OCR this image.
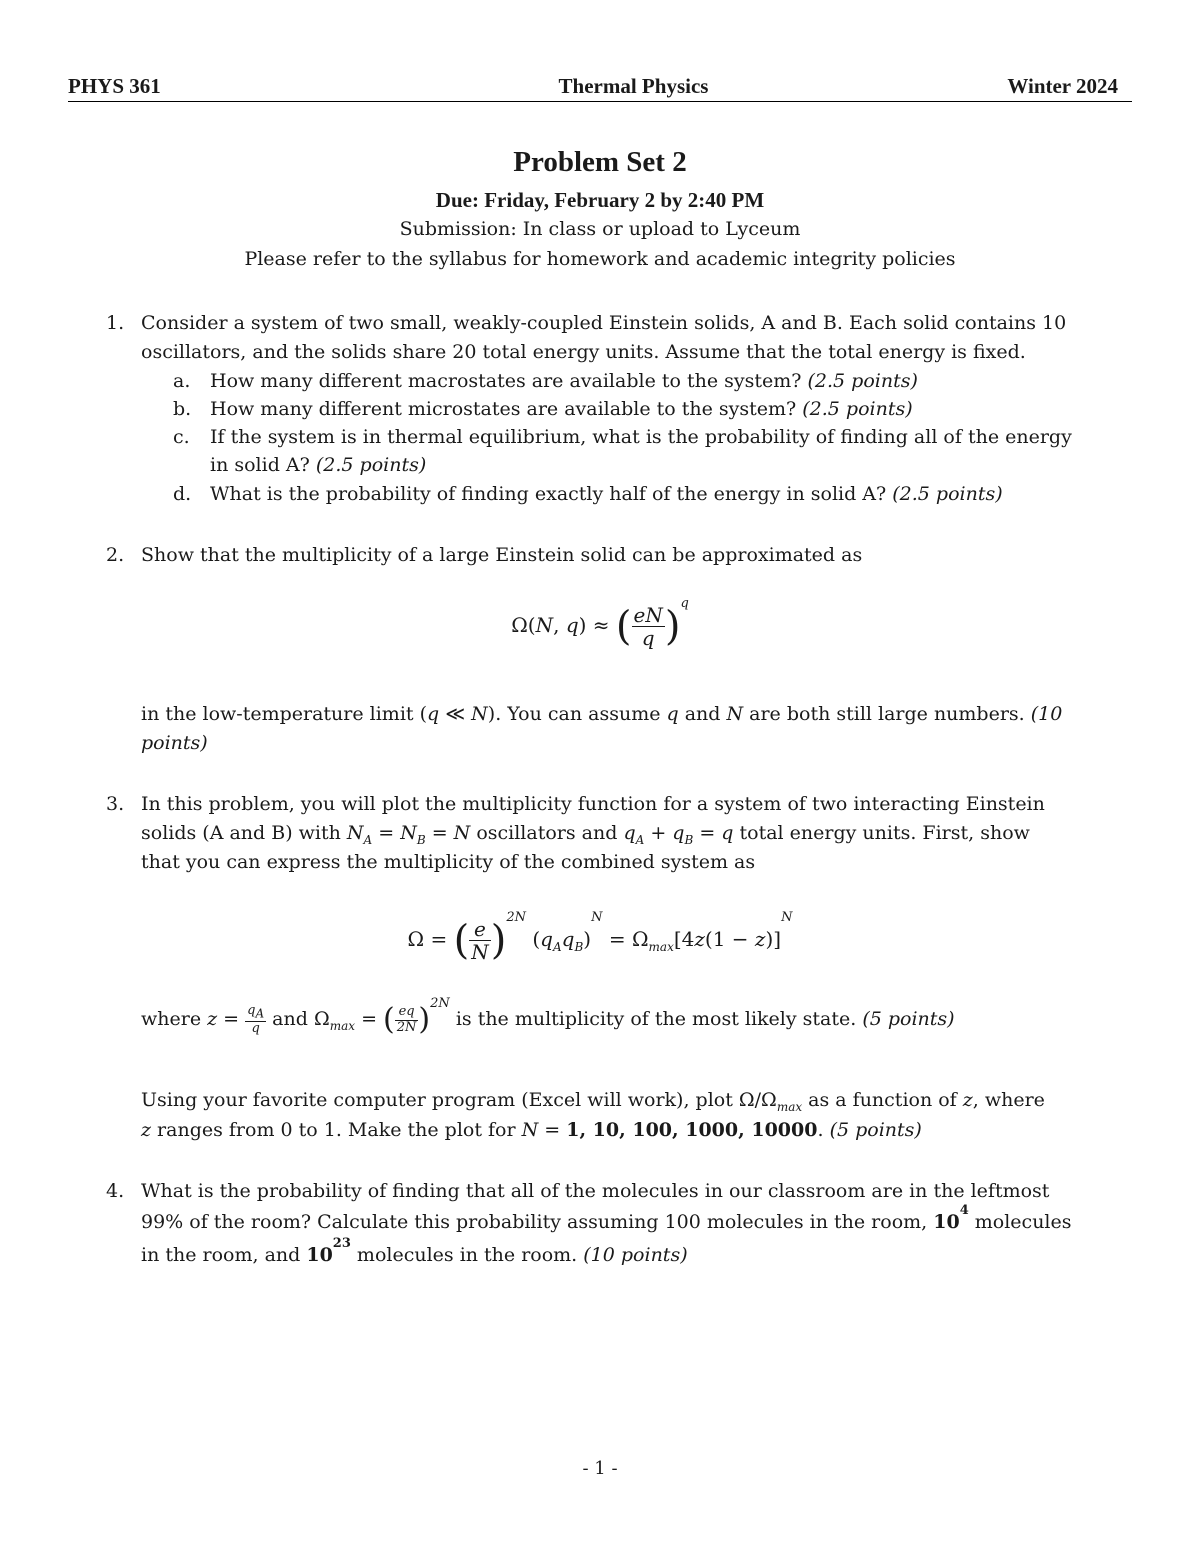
PHYS 361	Thermal Physics	Winter 2024
Problem Set 2
Due: Friday, February 2 by 2:40 PM
Submission: In class or upload to Lyceum
Please refer to the syllabus for homework and academic integrity policies
1. Consider a system of two small, weakly-coupled Einstein solids, A and B. Each solid contains 10
oscillators, and the solids share 20 total energy units. Assume that the total energy is fixed.
a. How many different macrostates are available to the system? (2.5 points)
b. How many different microstates are available to the system? (2.5 points)
c. If the system is in thermal equilibrium, what is the probability of finding all of the energy
in solid A? (2.5 points)
d. What is the probability of finding exactly half of the energy in solid A? (2.5 points)
2. Show that the multiplicity of a large Einstein solid can be approximated as
Ω(N, q) ≈ ( $\frac{eN}{q} )^q$
in the low-temperature limit (q ≪ N). You can assume q and N are both still large numbers. (10
points)
3. In this problem, you will plot the multiplicity function for a system of two interacting Einstein
solids (A and B) with $N_A = N_B = N$ oscillators and $q_A + q_B = q$ total energy units. First, show
that you can express the multiplicity of the combined system as
Ω = ( $\frac{e}{N} )^{2N}$ $(q_Aq_B)^N = \Omega_{max}[4z(1 - z)]^N$
where $z = \frac{q_A}{q}$ and $\Omega_{max}$ = ( $\frac{eq}{2N} )^{2N}$ is the multiplicity of the most likely state. (5 points)
Using your favorite computer program (Excel will work), plot $\Omega/\Omega_{max}$ as a function of z, where
z ranges from 0 to 1. Make the plot for N = 1, 10, 100, 1000, 10000. (5 points)
4. What is the probability of finding that all of the molecules in our classroom are in the leftmost
99% of the room? Calculate this probability assuming 100 molecules in the room, $10^4$ molecules
in the room, and $10^{23}$ molecules in the room. (10 points)
- 1 -
